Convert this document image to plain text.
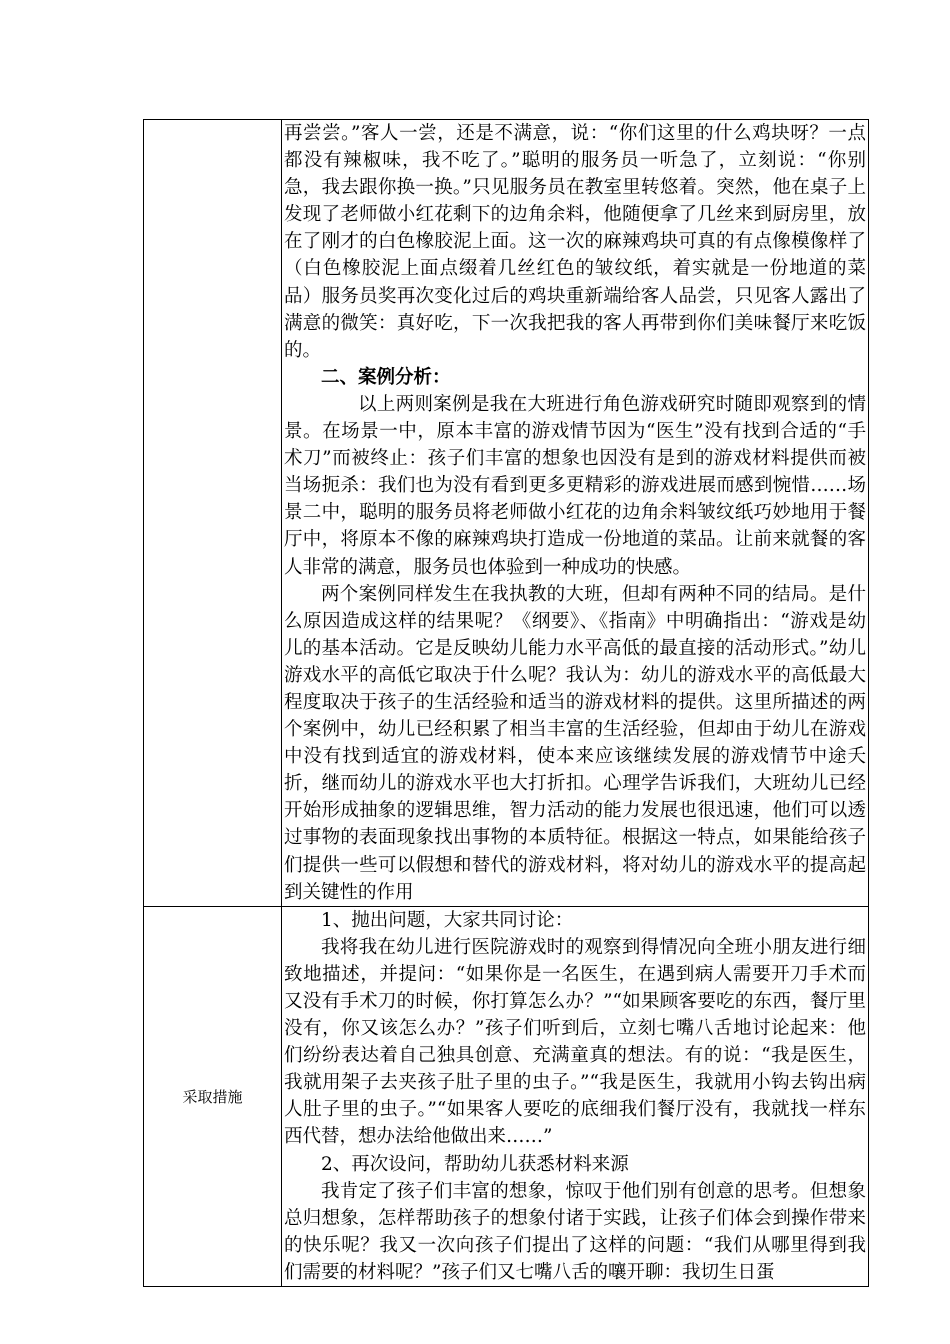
	再尝尝。”客人一尝，还是不满意，说：“你们这里的什么鸡块呀？一点都没有辣椒味，我不吃了。”聪明的服务员一听急了，立刻说：“你别急，我去跟你换一换。”只见服务员在教室里转悠着。突然，他在桌子上发现了老师做小红花剩下的边角余料，他随便拿了几丝来到厨房里，放在了刚才的白色橡胶泥上面。这一次的麻辣鸡块可真的有点像模像样了（白色橡胶泥上面点缀着几丝红色的皱纹纸，着实就是一份地道的菜品）服务员奖再次变化过后的鸡块重新端给客人品尝，只见客人露出了满意的微笑：真好吃，下一次我把我的客人再带到你们美味餐厅来吃饭的。

二、案例分析：

以上两则案例是我在大班进行角色游戏研究时随即观察到的情景。在场景一中，原本丰富的游戏情节因为“医生”没有找到合适的“手术刀”而被终止：孩子们丰富的想象也因没有是到的游戏材料提供而被当场扼杀：我们也为没有看到更多更精彩的游戏进展而感到惋惜……场景二中，聪明的服务员将老师做小红花的边角余料皱纹纸巧妙地用于餐厅中，将原本不像的麻辣鸡块打造成一份地道的菜品。让前来就餐的客人非常的满意，服务员也体验到一种成功的快感。

两个案例同样发生在我执教的大班，但却有两种不同的结局。是什么原因造成这样的结果呢？《纲要》、《指南》中明确指出：“游戏是幼儿的基本活动。它是反映幼儿能力水平高低的最直接的活动形式。”幼儿游戏水平的高低它取决于什么呢？我认为：幼儿的游戏水平的高低最大程度取决于孩子的生活经验和适当的游戏材料的提供。这里所描述的两个案例中，幼儿已经积累了相当丰富的生活经验，但却由于幼儿在游戏中没有找到适宜的游戏材料，使本来应该继续发展的游戏情节中途夭折，继而幼儿的游戏水平也大打折扣。心理学告诉我们，大班幼儿已经开始形成抽象的逻辑思维，智力活动的能力发展也很迅速，他们可以透过事物的表面现象找出事物的本质特征。根据这一特点，如果能给孩子们提供一些可以假想和替代的游戏材料，将对幼儿的游戏水平的提高起到关键性的作用

采取措施	1、抛出问题，大家共同讨论：

我将我在幼儿进行医院游戏时的观察到得情况向全班小朋友进行细致地描述，并提问：“如果你是一名医生，在遇到病人需要开刀手术而又没有手术刀的时候，你打算怎么办？”“如果顾客要吃的东西，餐厅里没有，你又该怎么办？”孩子们听到后，立刻七嘴八舌地讨论起来：他们纷纷表达着自己独具创意、充满童真的想法。有的说：“我是医生，我就用架子去夹孩子肚子里的虫子。”“我是医生，我就用小钩去钩出病人肚子里的虫子。”“如果客人要吃的底细我们餐厅没有，我就找一样东西代替，想办法给他做出来……”

2、再次设问，帮助幼儿获悉材料来源

我肯定了孩子们丰富的想象，惊叹于他们别有创意的思考。但想象总归想象，怎样帮助孩子的想象付诸于实践，让孩子们体会到操作带来的快乐呢？我又一次向孩子们提出了这样的问题：“我们从哪里得到我们需要的材料呢？”孩子们又七嘴八舌的嚷开聊：我切生日蛋
